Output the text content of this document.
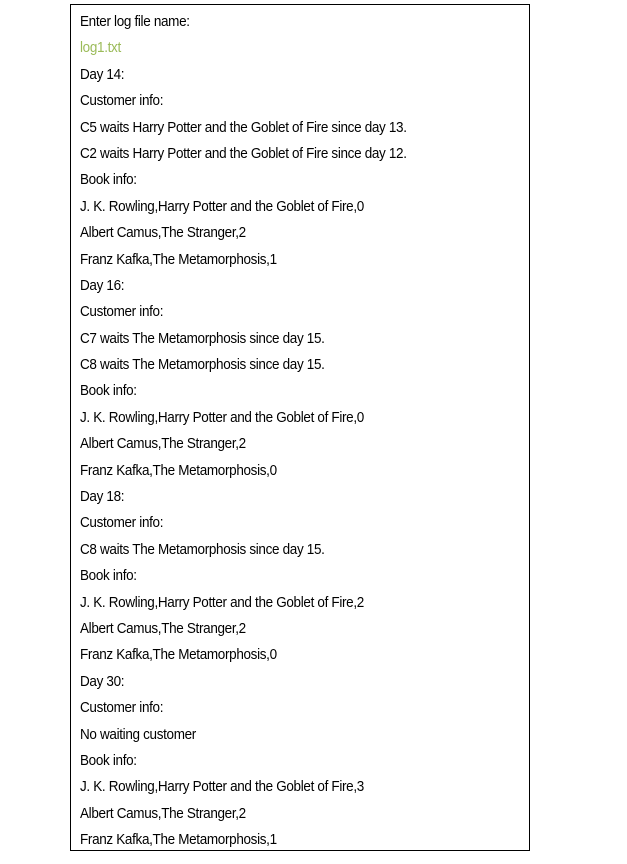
Enter log file name:
log1.txt
Day 14:
Customer info:
C5 waits Harry Potter and the Goblet of Fire since day 13.
C2 waits Harry Potter and the Goblet of Fire since day 12.
Book info:
J. K. Rowling,Harry Potter and the Goblet of Fire,0
Albert Camus,The Stranger,2
Franz Kafka,The Metamorphosis,1
Day 16:
Customer info:
C7 waits The Metamorphosis since day 15.
C8 waits The Metamorphosis since day 15.
Book info:
J. K. Rowling,Harry Potter and the Goblet of Fire,0
Albert Camus,The Stranger,2
Franz Kafka,The Metamorphosis,0
Day 18:
Customer info:
C8 waits The Metamorphosis since day 15.
Book info:
J. K. Rowling,Harry Potter and the Goblet of Fire,2
Albert Camus,The Stranger,2
Franz Kafka,The Metamorphosis,0
Day 30:
Customer info:
No waiting customer
Book info:
J. K. Rowling,Harry Potter and the Goblet of Fire,3
Albert Camus,The Stranger,2
Franz Kafka,The Metamorphosis,1
